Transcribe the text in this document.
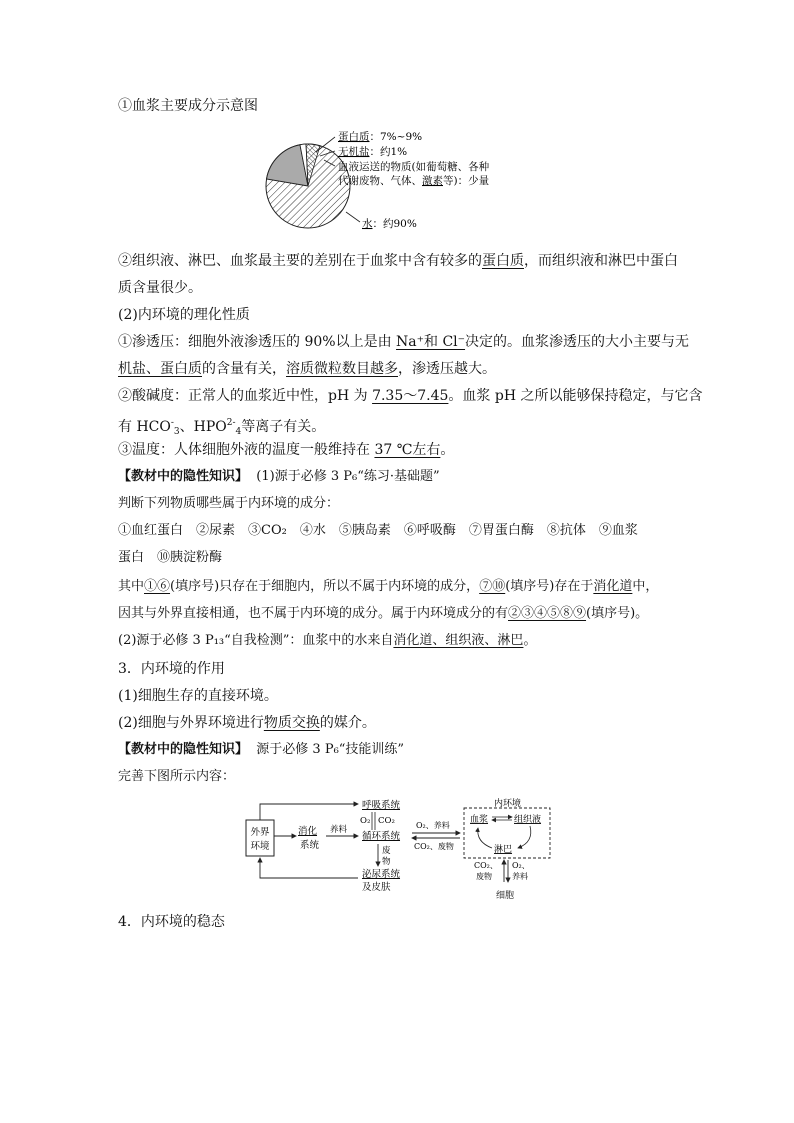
①血浆主要成分示意图
蛋白质：7%~9%
无机盐：约1%
血液运送的物质(如葡萄糖、各种
代谢废物、气体、激素等)：少量
水：约90%
②组织液、淋巴、血浆最主要的差别在于血浆中含有较多的蛋白质，而组织液和淋巴中蛋白
质含量很少。
(2)内环境的理化性质
①渗透压：细胞外液渗透压的 90%以上是由 Na⁺和 Cl⁻决定的。血浆渗透压的大小主要与无
机盐、蛋白质的含量有关，溶质微粒数目越多，渗透压越大。
②酸碱度：正常人的血浆近中性，pH 为 7.35～7.45。血浆 pH 之所以能够保持稳定，与它含
有 $HCO^-_3$、$HPO^{2-}_4$等离子有关。
③温度：人体细胞外液的温度一般维持在 37 ℃左右。
【教材中的隐性知识】 (1)源于必修 3 P₆“练习·基础题”
判断下列物质哪些属于内环境的成分：
①血红蛋白　②尿素　③CO₂　④水　⑤胰岛素　⑥呼吸酶　⑦胃蛋白酶　⑧抗体　⑨血浆
蛋白　⑩胰淀粉酶
其中①⑥(填序号)只存在于细胞内，所以不属于内环境的成分，⑦⑩(填序号)存在于消化道中，
因其与外界直接相通，也不属于内环境的成分。属于内环境成分的有②③④⑤⑧⑨(填序号)。
(2)源于必修 3 P₁₃“自我检测”：血浆中的水来自消化道、组织液、淋巴。
3．内环境的作用
(1)细胞生存的直接环境。
(2)细胞与外界环境进行物质交换的媒介。
【教材中的隐性知识】 源于必修 3 P₆“技能训练”
完善下图所示内容：
外界
环境
消化
系统
养料
呼吸系统
O₂ CO₂
循环系统
废
物
泌尿系统
及皮肤
O₂、养料
CO₂、废物
内环境
血浆	组织液
淋巴
CO₂、
废物
O₂、
养料
细胞
4．内环境的稳态
